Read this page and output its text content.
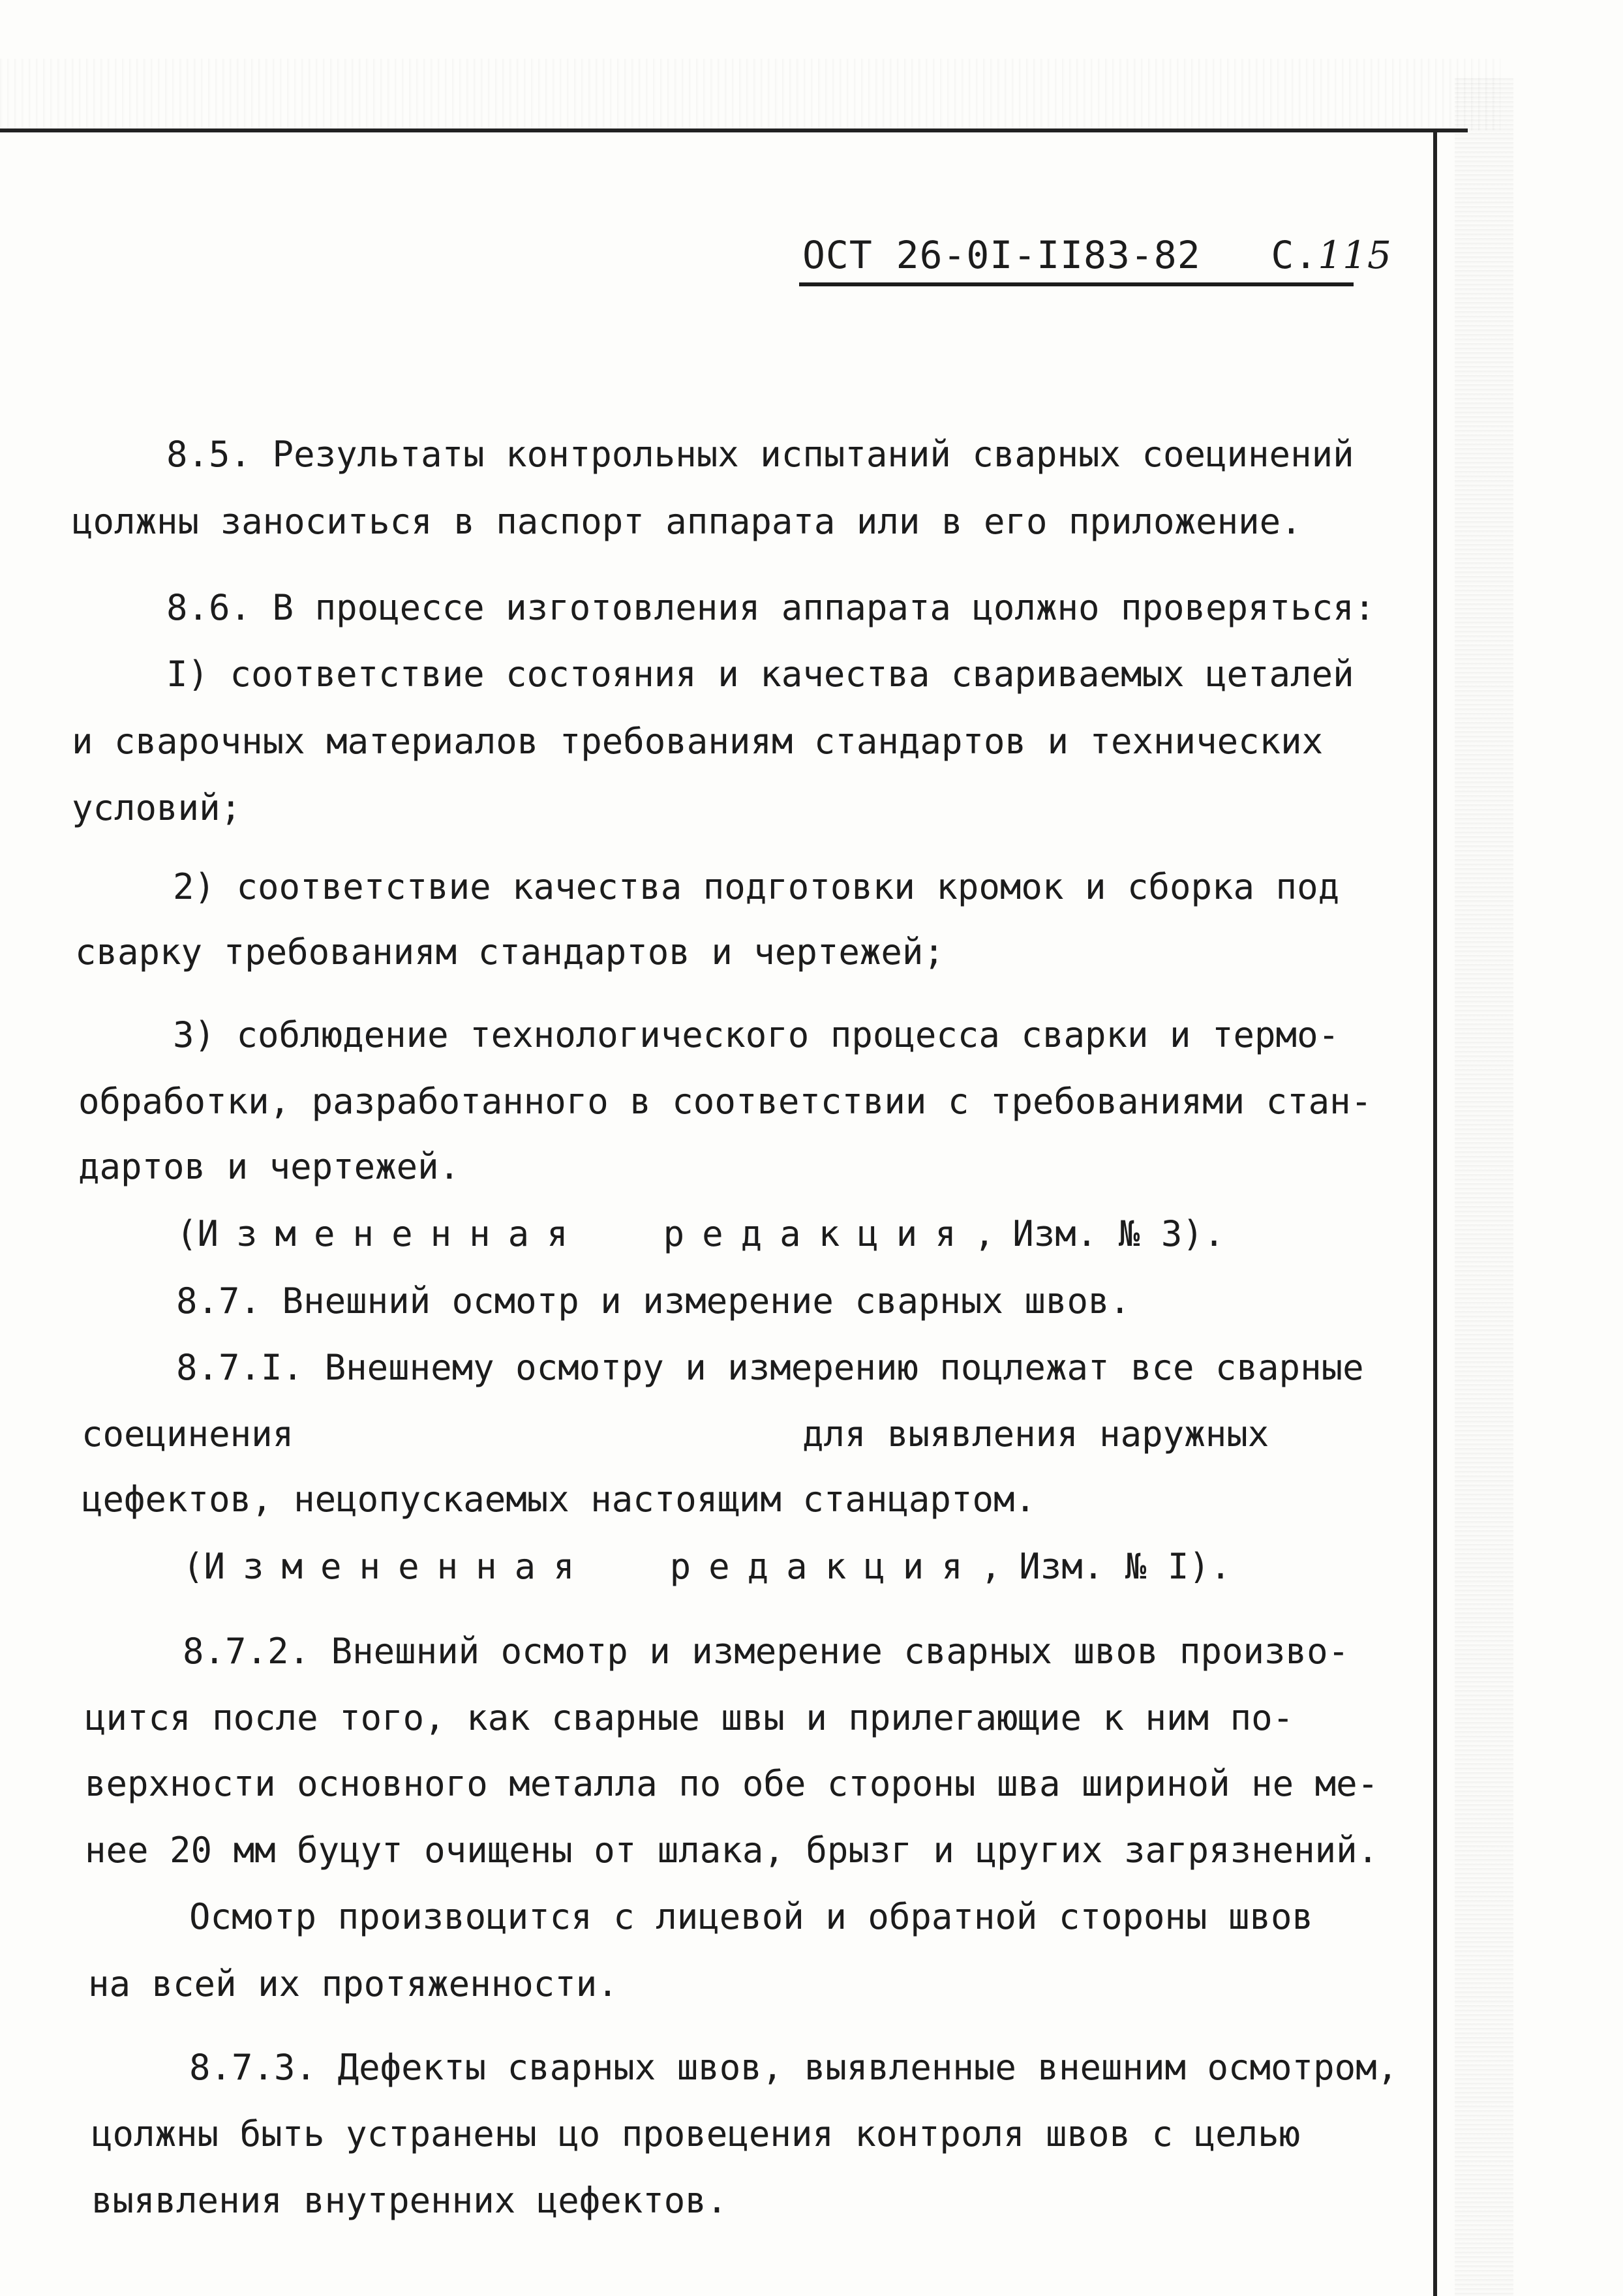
ОСТ 26-0I-II83-82 С.115
8.5. Результаты контрольных испытаний сварных соецинений
цолжны заноситься в паспорт аппарата или в его приложение.
8.6. В процессе изготовления аппарата цолжно проверяться:
I) соответствие состояния и качества свариваемых цеталей
и сварочных материалов требованиям стандартов и технических
условий;
2) соответствие качества подготовки кромок и сборка под
сварку требованиям стандартов и чертежей;
3) соблюдение технологического процесса сварки и термо-
обработки, разработанного в соответствии с требованиями стан-
дартов и чертежей.
(Измененная  редакция,Изм. № 3).
8.7. Внешний осмотр и измерение сварных швов.
8.7.I. Внешнему осмотру и измерению поцлежат все сварные
соецинения	для выявления наружных
цефектов, нецопускаемых настоящим станцартом.
(Измененная  редакция,Изм. № I).
8.7.2. Внешний осмотр и измерение сварных швов произво-
цится после того, как сварные швы и прилегающие к ним по-
верхности основного металла по обе стороны шва шириной не ме-
нее 20 мм буцут очищены от шлака, брызг и цругих загрязнений.
Осмотр произвоцится с лицевой и обратной стороны швов
на всей их протяженности.
8.7.3. Дефекты сварных швов, выявленные внешним осмотром,
цолжны быть устранены цо провецения контроля швов с целью
выявления внутренних цефектов.
